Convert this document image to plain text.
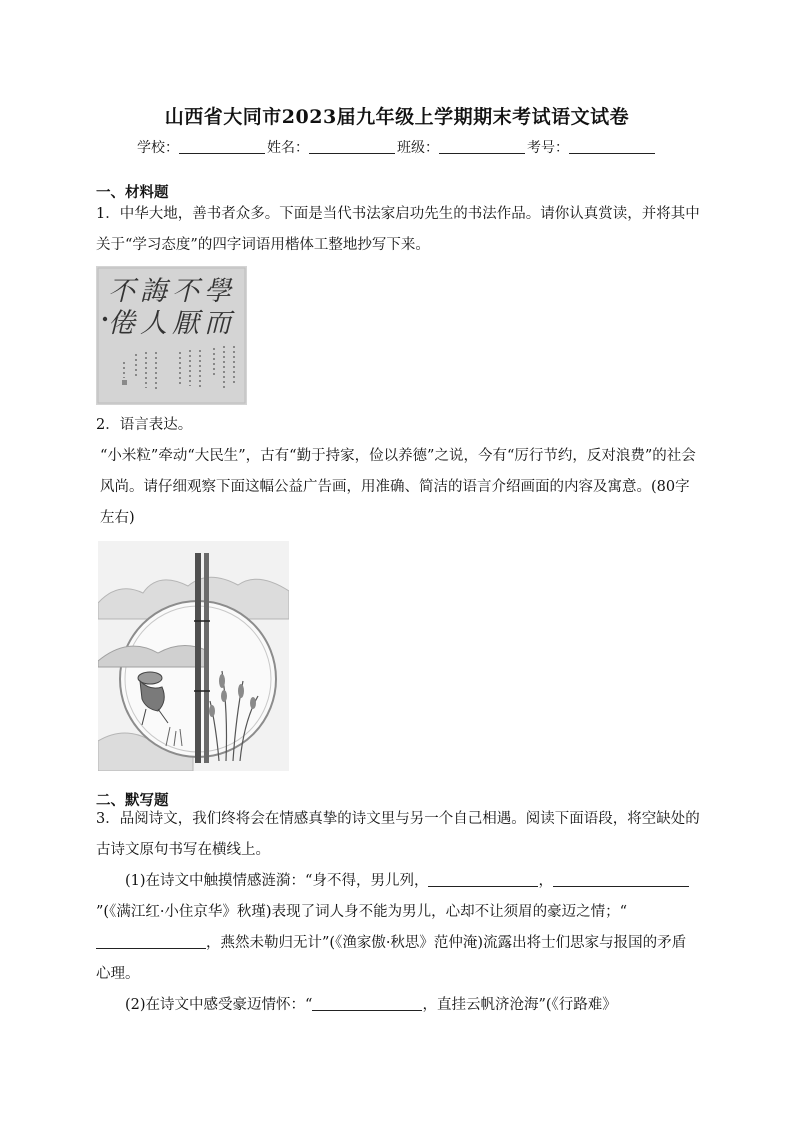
山西省大同市2023届九年级上学期期末考试语文试卷
学校：	姓名：	班级：	考号：
一、材料题
1．中华大地，善书者众多。下面是当代书法家启功先生的书法作品。请你认真赏读，并将其中关于“学习态度”的四字词语用楷体工整地抄写下来。
學
而
不
厭
誨
人
不
倦
2．语言表达。
“小米粒”牵动“大民生”，古有“勤于持家，俭以养德”之说，今有“厉行节约，反对浪费”的社会风尚。请仔细观察下面这幅公益广告画，用准确、简洁的语言介绍画面的内容及寓意。(80字左右)
二、默写题
3．品阅诗文，我们终将会在情感真挚的诗文里与另一个自己相遇。阅读下面语段，将空缺处的古诗文原句书写在横线上。
(1)在诗文中触摸情感涟漪：“身不得，男儿列，	，”(《满江红·小住京华》秋瑾)表现了词人身不能为男儿，心却不让须眉的豪迈之情；“，燕然未勒归无计”(《渔家傲·秋思》范仲淹)流露出将士们思家与报国的矛盾心理。
(2)在诗文中感受豪迈情怀：“	，直挂云帆济沧海”(《行路难》
